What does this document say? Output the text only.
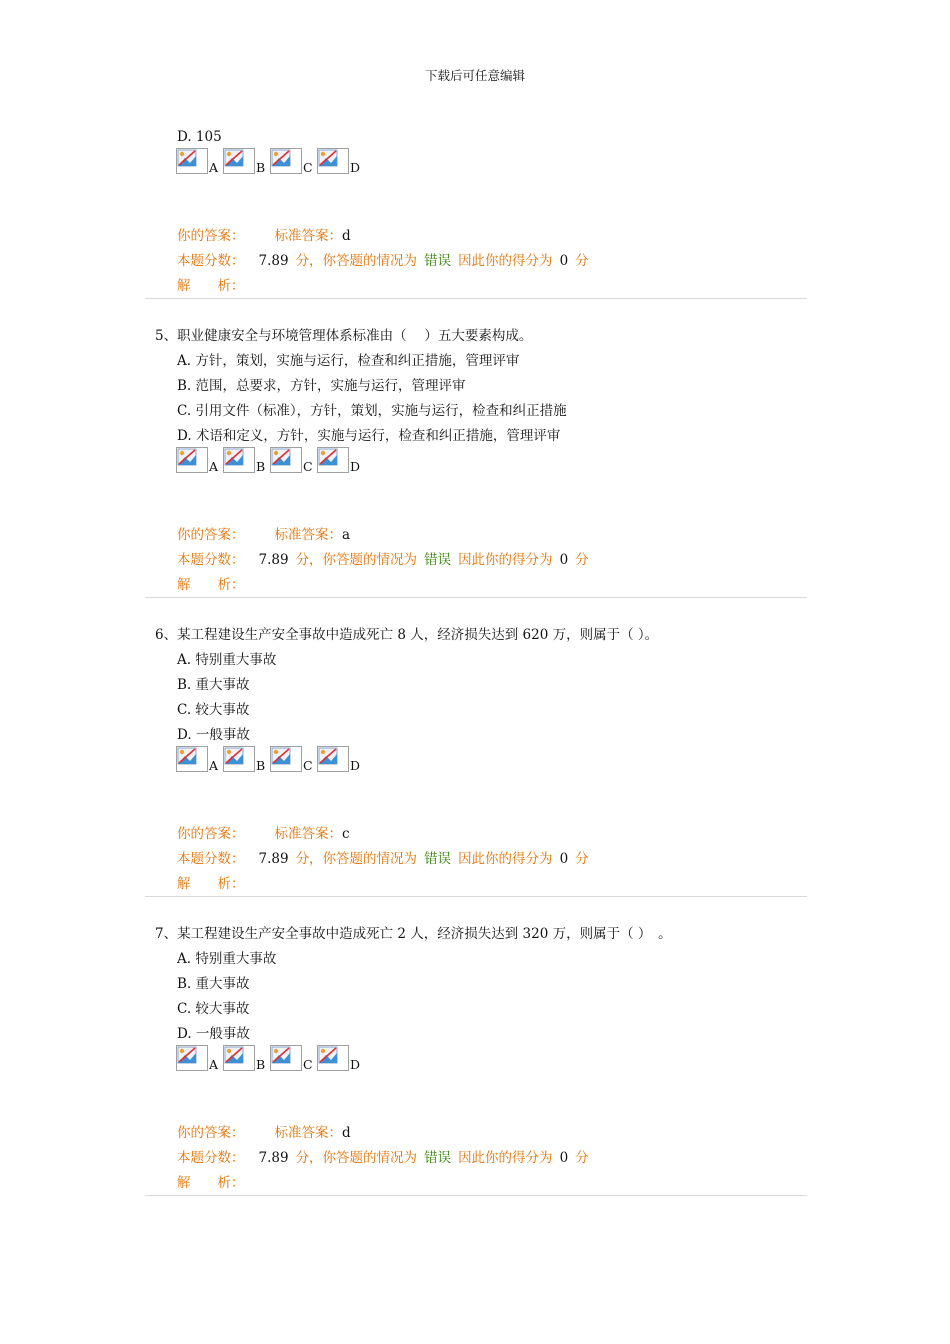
下载后可任意编辑
D. 105
A	B	C	D
你的答案： 标准答案：d
本题分数： 7.89 分，你答题的情况为 错误 因此你的得分为 0 分
解　　析：
5、职业健康安全与环境管理体系标准由（　 ）五大要素构成。
A. 方针，策划，实施与运行，检查和纠正措施，管理评审
B. 范围，总要求，方针，实施与运行，管理评审
C. 引用文件（标准），方针，策划，实施与运行，检查和纠正措施
D. 术语和定义，方针，实施与运行，检查和纠正措施，管理评审
A	B	C	D
你的答案： 标准答案：a
本题分数： 7.89 分，你答题的情况为 错误 因此你的得分为 0 分
解　　析：
6、某工程建设生产安全事故中造成死亡 8 人，经济损失达到 620 万，则属于（ ）。
A. 特别重大事故
B. 重大事故
C. 较大事故
D. 一般事故
A	B	C	D
你的答案： 标准答案：c
本题分数： 7.89 分，你答题的情况为 错误 因此你的得分为 0 分
解　　析：
7、某工程建设生产安全事故中造成死亡 2 人，经济损失达到 320 万，则属于（ ）　。
A. 特别重大事故
B. 重大事故
C. 较大事故
D. 一般事故
A	B	C	D
你的答案： 标准答案：d
本题分数： 7.89 分，你答题的情况为 错误 因此你的得分为 0 分
解　　析：
